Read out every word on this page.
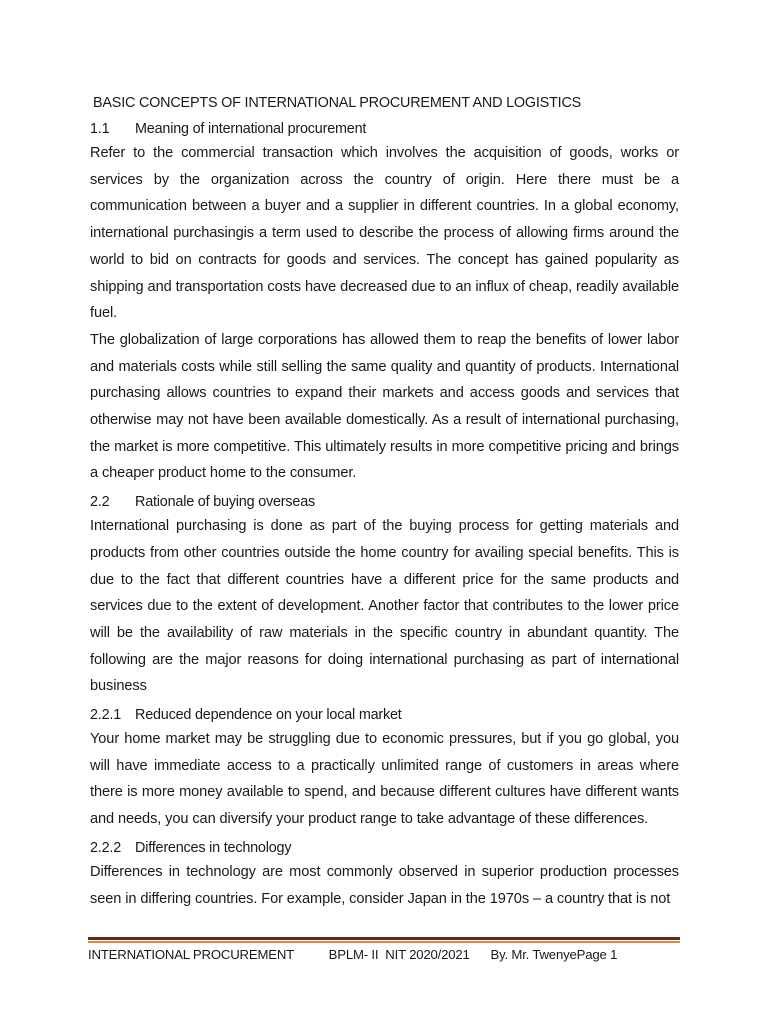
BASIC CONCEPTS OF INTERNATIONAL PROCUREMENT AND LOGISTICS
1.1	Meaning of international procurement

Refer to the commercial transaction which involves the acquisition of goods, works or services by the organization across the country of origin. Here there must be a communication between a buyer and a supplier in different countries. In a global economy, international purchasingis a term used to describe the process of allowing firms around the world to bid on contracts for goods and services. The concept has gained popularity as shipping and transportation costs have decreased due to an influx of cheap, readily available fuel.

The globalization of large corporations has allowed them to reap the benefits of lower labor and materials costs while still selling the same quality and quantity of products. International purchasing allows countries to expand their markets and access goods and services that otherwise may not have been available domestically. As a result of international purchasing, the market is more competitive. This ultimately results in more competitive pricing and brings a cheaper product home to the consumer.

2.2	Rationale of buying overseas

International purchasing is done as part of the buying process for getting materials and products from other countries outside the home country for availing special benefits. This is due to the fact that different countries have a different price for the same products and services due to the extent of development. Another factor that contributes to the lower price will be the availability of raw materials in the specific country in abundant quantity. The following are the major reasons for doing international purchasing as part of international business

2.2.1 Reduced dependence on your local market

Your home market may be struggling due to economic pressures, but if you go global, you will have immediate access to a practically unlimited range of customers in areas where there is more money available to spend, and because different cultures have different wants and needs, you can diversify your product range to take advantage of these differences.

2.2.2 Differences in technology

Differences in technology are most commonly observed in superior production processes seen in differing countries. For example, consider Japan in the 1970s – a country that is not

INTERNATIONAL PROCUREMENT	BPLM- II  NIT 2020/2021 By. Mr. TwenyePage 1
